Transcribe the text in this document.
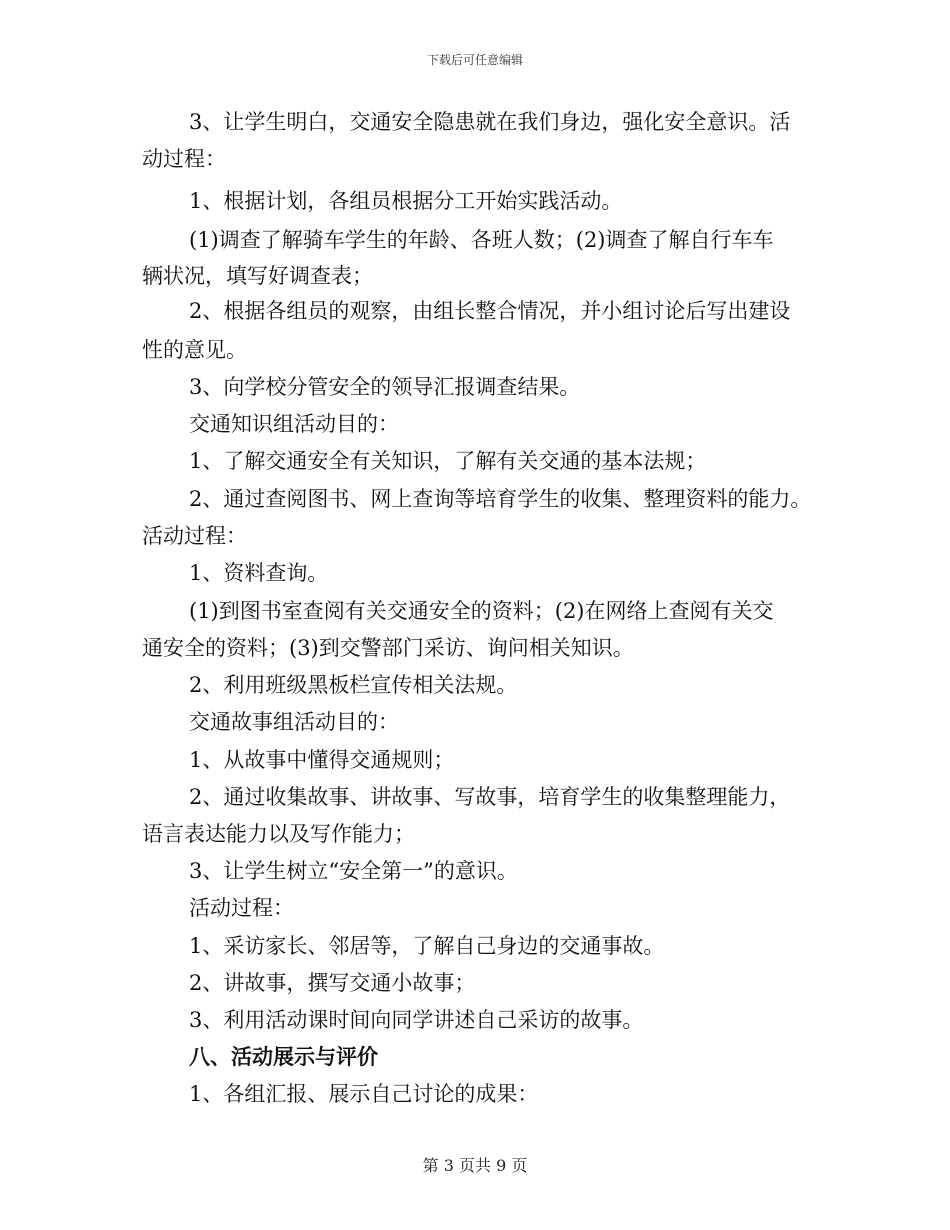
下载后可任意编辑
3、让学生明白，交通安全隐患就在我们身边，强化安全意识。活
动过程：
1、根据计划，各组员根据分工开始实践活动。
(1)调查了解骑车学生的年龄、各班人数；(2)调查了解自行车车
辆状况，填写好调查表；
2、根据各组员的观察，由组长整合情况，并小组讨论后写出建设
性的意见。
3、向学校分管安全的领导汇报调查结果。
交通知识组活动目的：
1、了解交通安全有关知识，了解有关交通的基本法规；
2、通过查阅图书、网上查询等培育学生的收集、整理资料的能力。
活动过程：
1、资料查询。
(1)到图书室查阅有关交通安全的资料；(2)在网络上查阅有关交
通安全的资料；(3)到交警部门采访、询问相关知识。
2、利用班级黑板栏宣传相关法规。
交通故事组活动目的：
1、从故事中懂得交通规则；
2、通过收集故事、讲故事、写故事，培育学生的收集整理能力，
语言表达能力以及写作能力；
3、让学生树立“安全第一”的意识。
活动过程：
1、采访家长、邻居等，了解自己身边的交通事故。
2、讲故事，撰写交通小故事；
3、利用活动课时间向同学讲述自己采访的故事。
八、活动展示与评价
1、各组汇报、展示自己讨论的成果：
第 3 页共 9 页
